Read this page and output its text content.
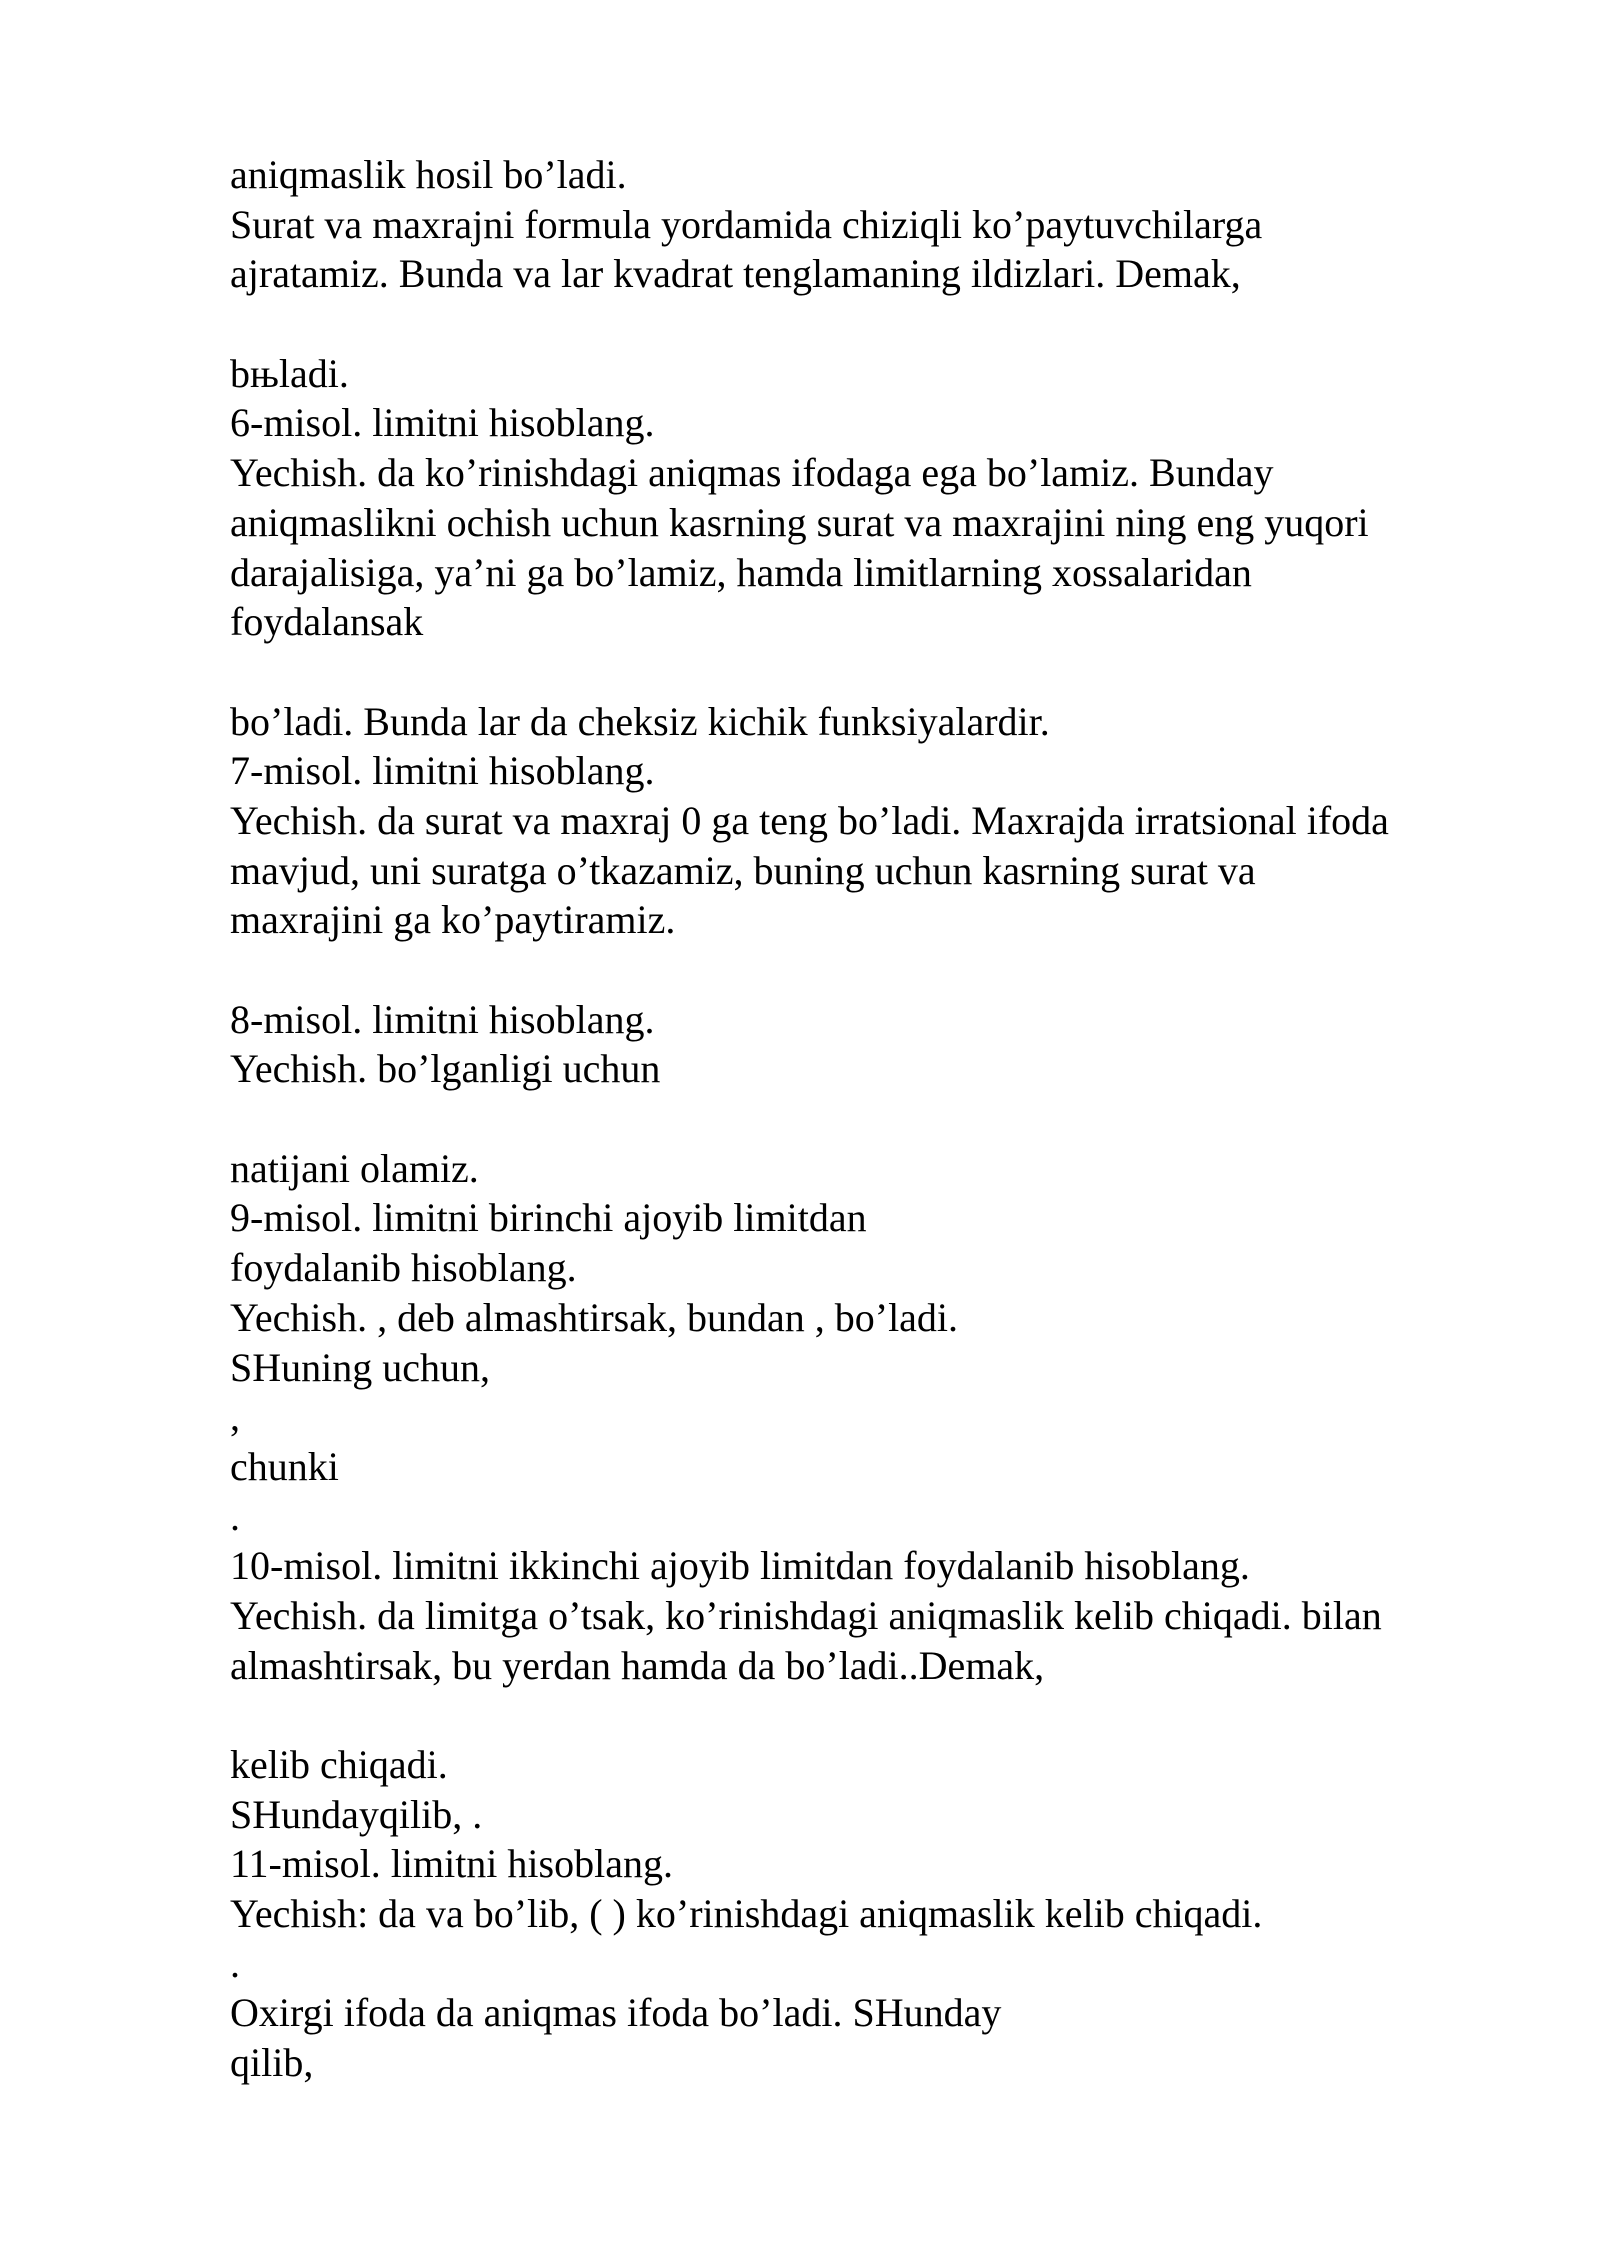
aniqmaslik hosil bo’ladi.
Surat va maxrajni formula yordamida chiziqli ko’paytuvchilarga
ajratamiz. Bunda va lar kvadrat tenglamaning ildizlari. Demak,
bњladi.
6-misol. limitni hisoblang.
Yechish. da ko’rinishdagi aniqmas ifodaga ega bo’lamiz. Bunday
aniqmaslikni ochish uchun kasrning surat va maxrajini ning eng yuqori
darajalisiga, ya’ni ga bo’lamiz, hamda limitlarning xossalaridan
foydalansak
bo’ladi. Bunda lar da cheksiz kichik funksiyalardir.
7-misol. limitni hisoblang.
Yechish. da surat va maxraj 0 ga teng bo’ladi. Maxrajda irratsional ifoda
mavjud, uni suratga o’tkazamiz, buning uchun kasrning surat va
maxrajini ga ko’paytiramiz.
8-misol. limitni hisoblang.
Yechish. bo’lganligi uchun
natijani olamiz.
9-misol. limitni birinchi ajoyib limitdan
foydalanib hisoblang.
Yechish. , deb almashtirsak, bundan , bo’ladi.
SHuning uchun,
,
chunki
.
10-misol. limitni ikkinchi ajoyib limitdan foydalanib hisoblang.
Yechish. da limitga o’tsak, ko’rinishdagi aniqmaslik kelib chiqadi. bilan
almashtirsak, bu yerdan hamda da bo’ladi..Demak,
kelib chiqadi.
SHundayqilib, .
11-misol. limitni hisoblang.
Yechish: da va bo’lib, ( ) ko’rinishdagi aniqmaslik kelib chiqadi.
.
Oxirgi ifoda da aniqmas ifoda bo’ladi. SHunday
qilib,
